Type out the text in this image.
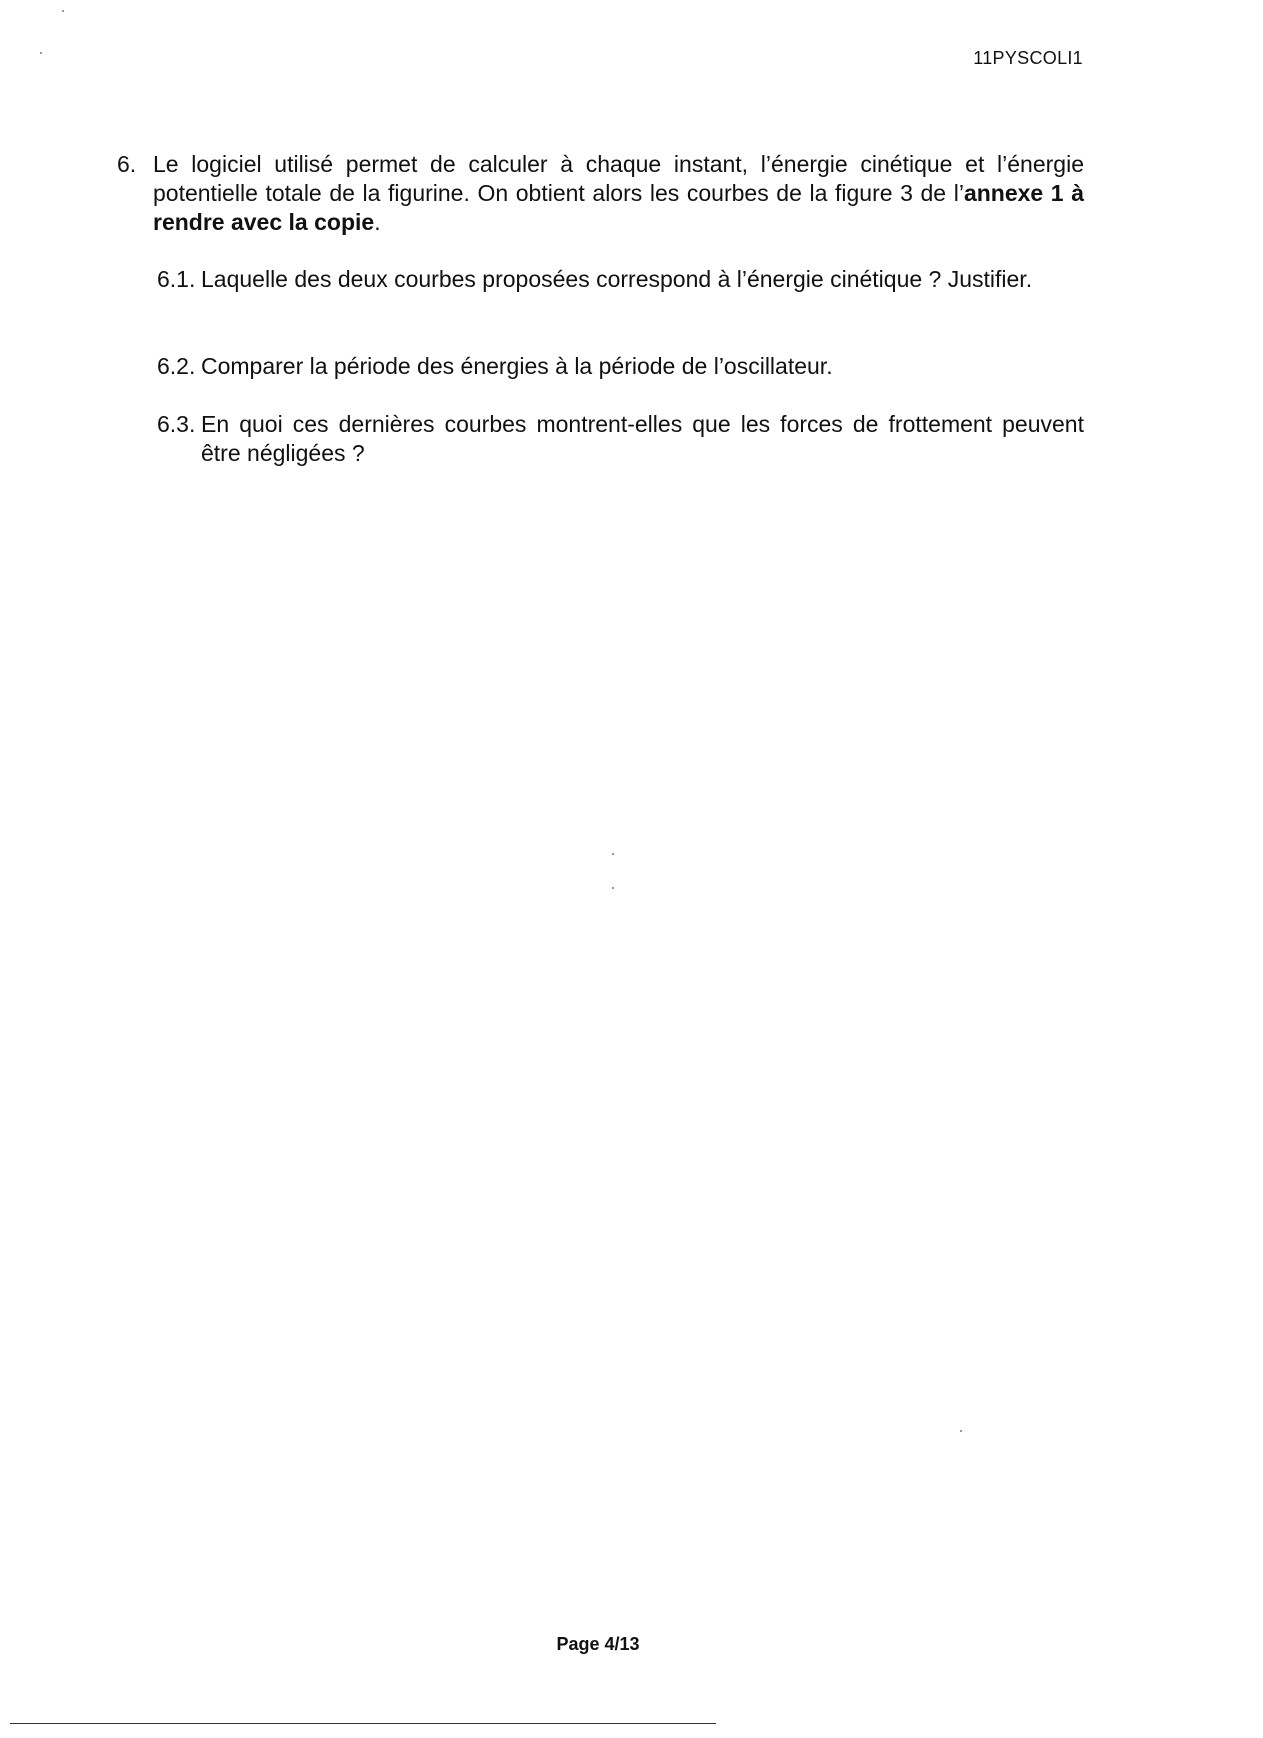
11PYSCOLI1
6. Le logiciel utilisé permet de calculer à chaque instant, l’énergie cinétique et l’énergie potentielle totale de la figurine. On obtient alors les courbes de la figure 3 de l’annexe 1 à rendre avec la copie.
6.1. Laquelle des deux courbes proposées correspond à l’énergie cinétique ? Justifier.
6.2. Comparer la période des énergies à la période de l’oscillateur.
6.3. En quoi ces dernières courbes montrent-elles que les forces de frottement peuvent être négligées ?
Page 4/13
